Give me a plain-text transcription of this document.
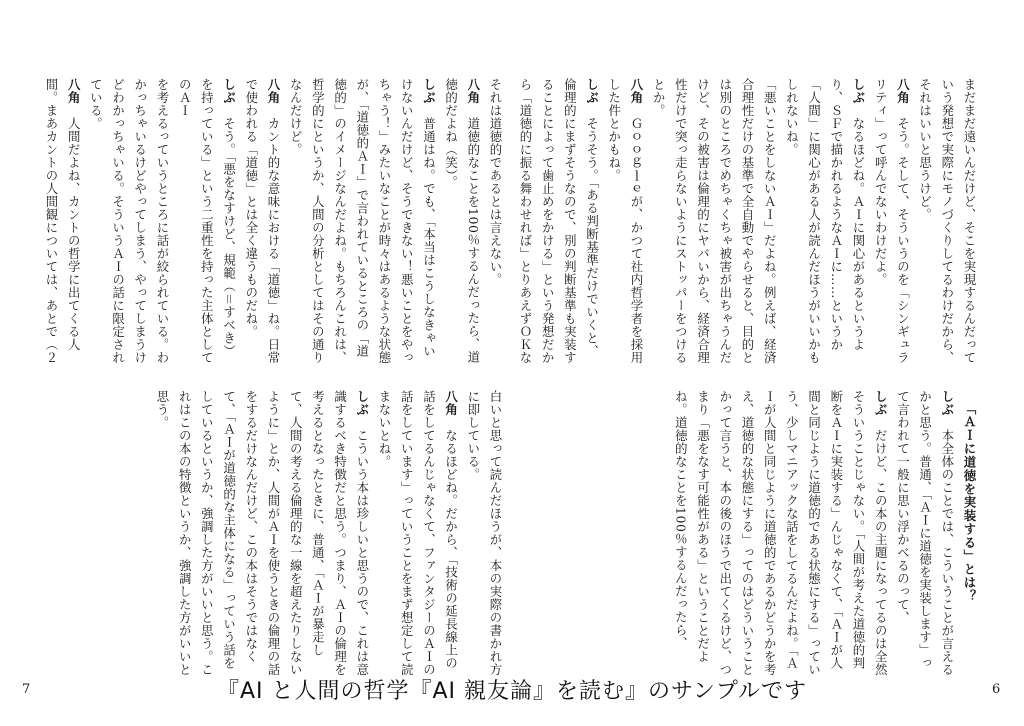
まだまだ遠いんだけど、そこを実現するんだっていう発想で実際にモノづくりしてるわけだから、それはいいと思うけど。

八角　そう。そして、そういうのを「シンギュラリティ」って呼んでないわけだよ。

しぶ　なるほどね。ＡＩに関心があるというより、ＳＦで描かれるようなＡＩに……というか「人間」に関心がある人が読んだほうがいいかもしれないね。

「悪いことをしないＡＩ」だよね。例えば、経済合理性だけの基準で全自動でやらせると、目的とは別のところでめちゃくちゃ被害が出ちゃうんだけど、その被害は倫理的にヤバいから、経済合理性だけで突っ走らないようにストッパーをつけるとか。

八角　Ｇｏｏｇｌｅが、かつて社内哲学者を採用した件とかもね。

しぶ　そうそう。「ある判断基準だけでいくと、倫理的にまずそうなので、別の判断基準も実装することによって歯止めをかける」という発想だから「道徳的に振る舞わせれば」とりあえずＯＫな

「ＡＩに道徳を実装する」とは？

しぶ　本全体のことでは、こういうことが言えるかと思う。普通、「ＡＩに道徳を実装します」って言われて一般に思い浮かべるのって、

しぶ　だけど、この本の主題になってるのは全然そういうことじゃない。「人間が考えた道徳的判断をＡＩに実装する」んじゃなくて、「ＡＩが人間と同じように道徳的である状態にする」っていう、少しマニアックな話をしてるんだよね。「ＡＩが人間と同じように道徳的であるかどうかを考え、道徳的な状態にする」ってのはどういうことかって言うと、本の後のほうで出てくるけど、つまり「悪をなす可能性がある」ということだよね。道徳的なことを100％するんだったら、

それは道徳的であるとは言えない。

八角　道徳的なことを100％するんだったら、道徳的だよね（笑）。

しぶ　普通はね。でも、「本当はこうしなきゃいけないんだけど、そうできない！悪いことをやっちゃう！」みたいなことが時々はあるような状態が、「道徳的ＡＩ」で言われているところの「道徳的」のイメージなんだよね。もちろんこれは、哲学的にというか、人間の分析としてはその通りなんだけど。

八角　カント的な意味における「道徳」ね。日常で使われる「道徳」とは全く違うものだね。

しぶ　そう。「悪をなすけど、規範（＝すべき）を持っている」という二重性を持った主体としてのＡＩ

を考えるっていうところに話が絞られている。わかっちゃいるけどやってしまう、やってしまうけどわかっちゃいる。そういうＡＩの話に限定されている。

八角　人間だよね、カントの哲学に出てくる人間。まあカントの人間観については、あとで（２

白いと思って読んだほうが、本の実際の書かれ方に即している。

八角　なるほどね。だから、「技術の延長線上の話をしてるんじゃなくて、ファンタジーのＡＩの話をしています」っていうことをまず想定して読まないとね。

しぶ　こういう本は珍しいと思うので、これは意識するべき特徴だと思う。つまり、ＡＩの倫理を考えるとなったときに、普通、「ＡＩが暴走して、人間の考える倫理的な一線を超えたりしないように」とか、人間がＡＩを使うときの倫理の話をするだけなんだけど、この本はそうではなくて、「ＡＩが道徳的な主体になる」っていう話をしているというか、強調した方がいいと思う。これはこの本の特徴というか、強調した方がいいと思う。

7	『AI と人間の哲学『AI 親友論』を読む』のサンプルです	6
